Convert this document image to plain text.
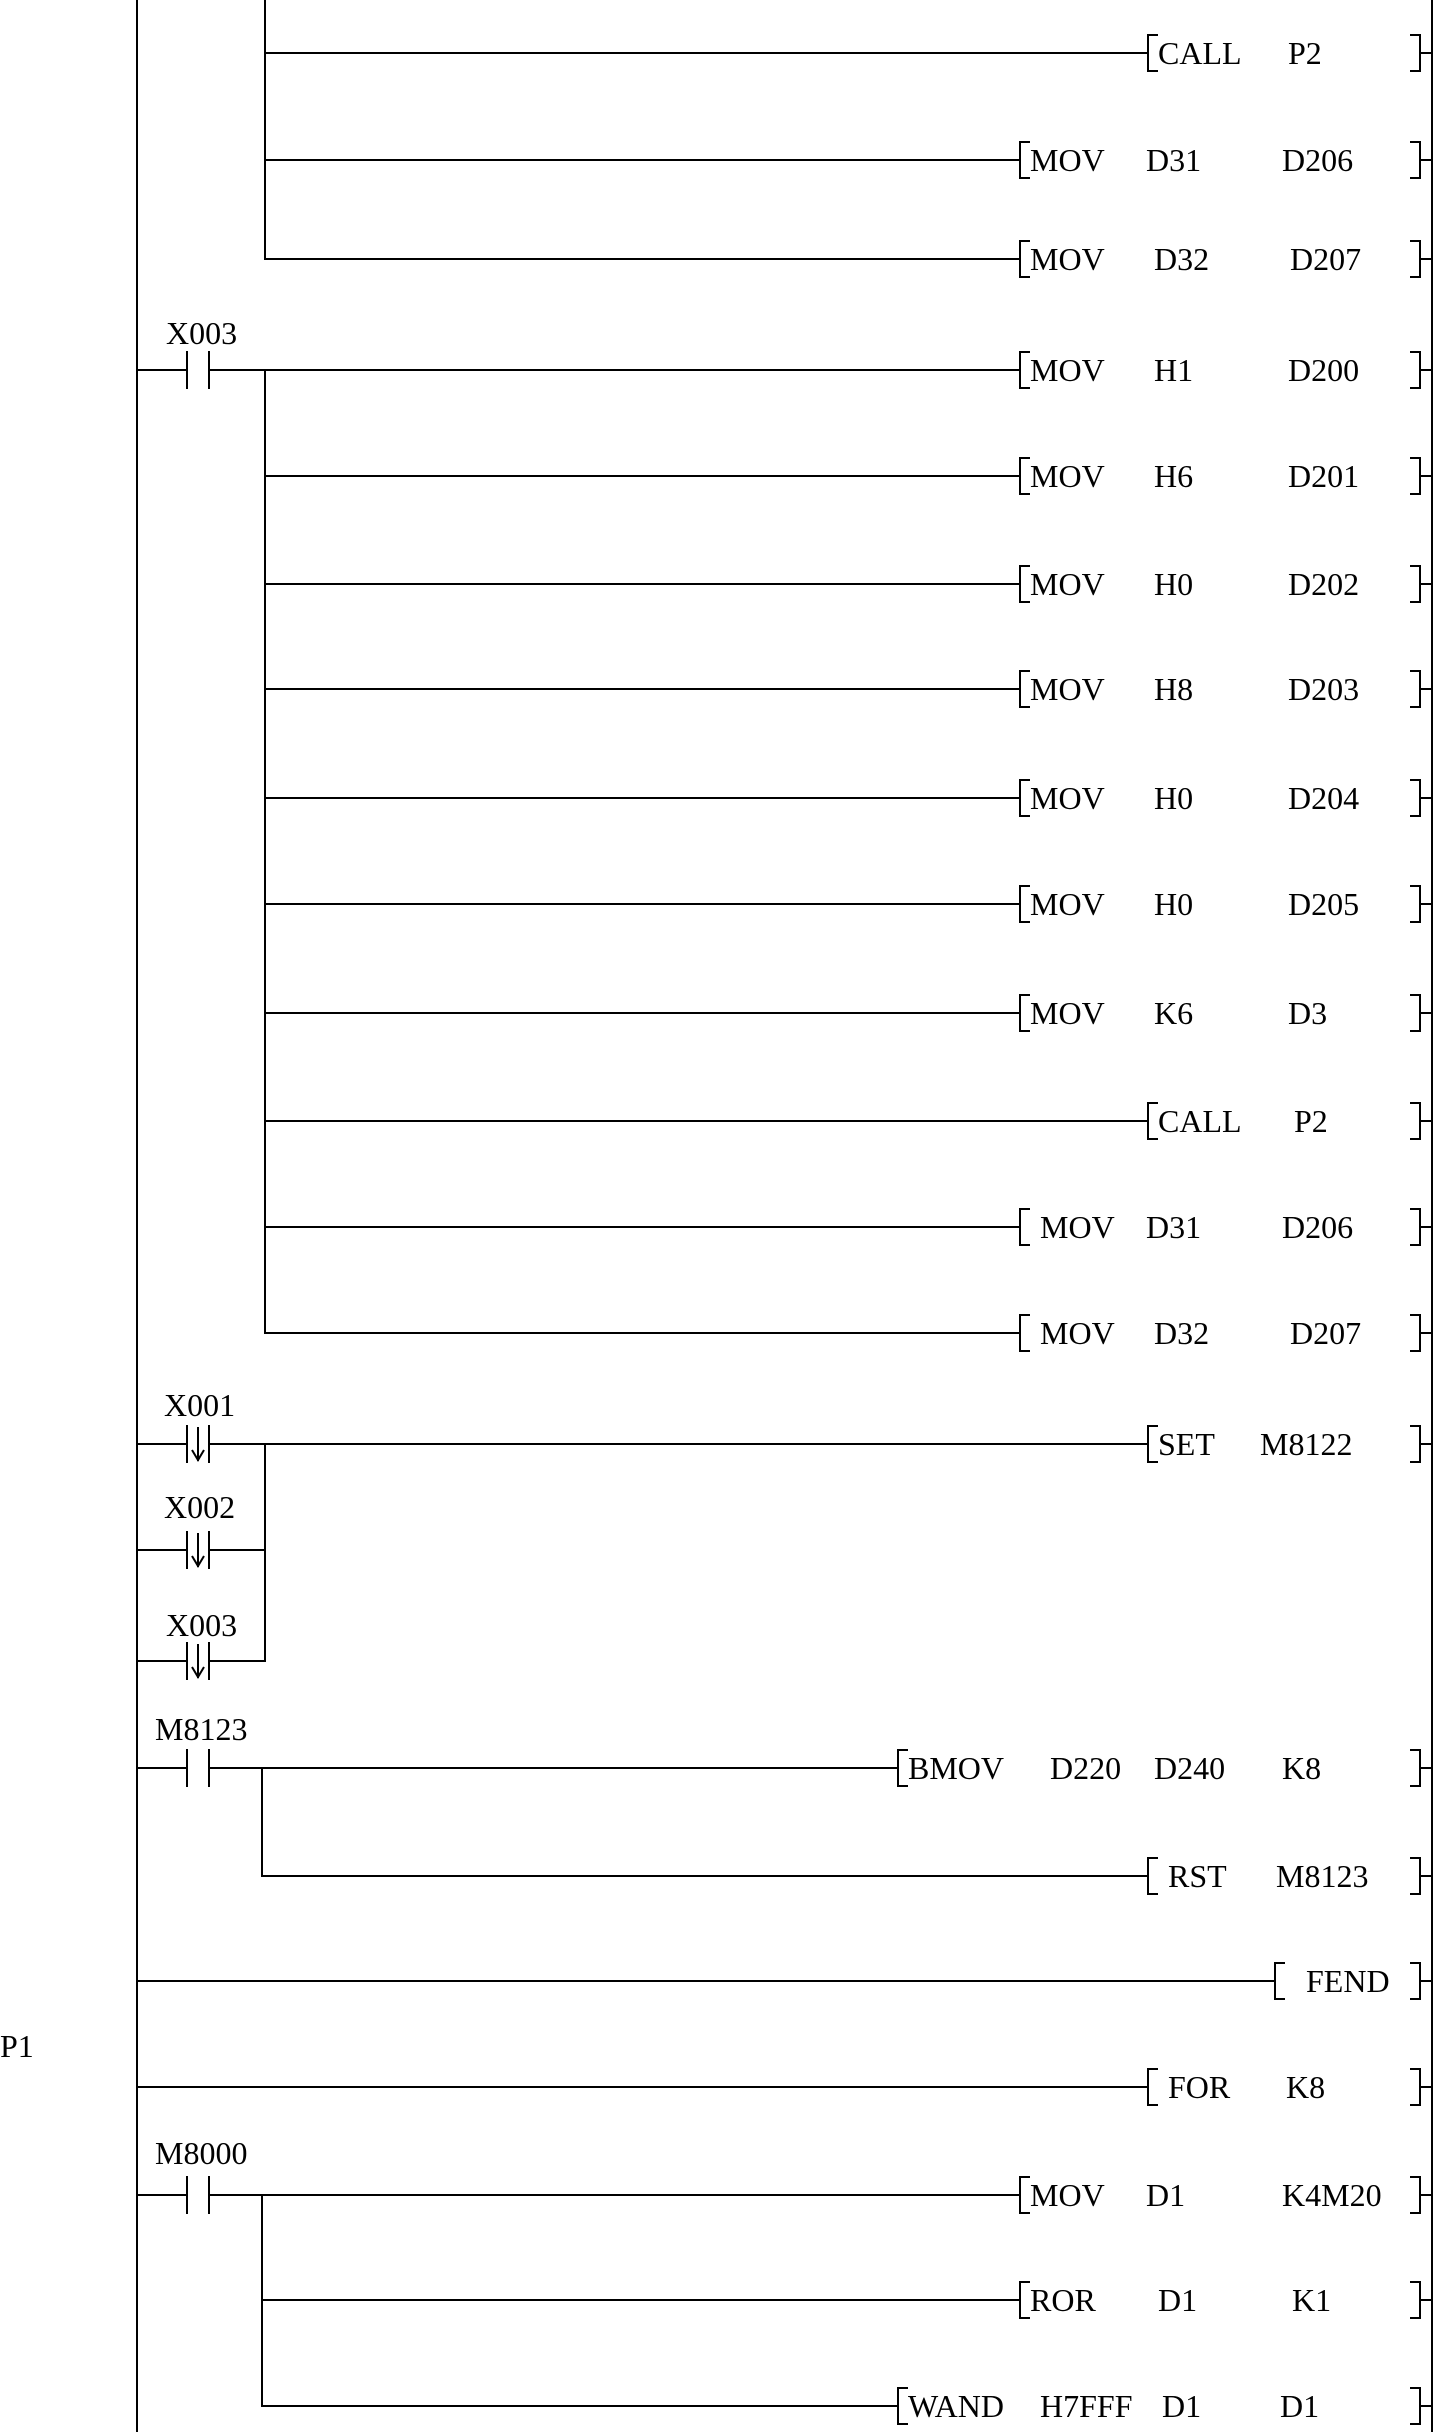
P1
X003
X001
X002
X003
M8123
M8000
CALL P2
MOV D31	D206
MOV D32	D207
MOV H1	D200
MOV H6	D201
MOV H0	D202
MOV H8	D203
MOV H0	D204
MOV H0	D205
MOV K6	D3
CALL P2
MOV D31	D206
MOV D32	D207
SET M8122
BMOV D220 D240 K8
RST M8123
FEND
FOR K8
MOV D1	K4M20
ROR D1	K1
WAND H7FFF D1 D1
